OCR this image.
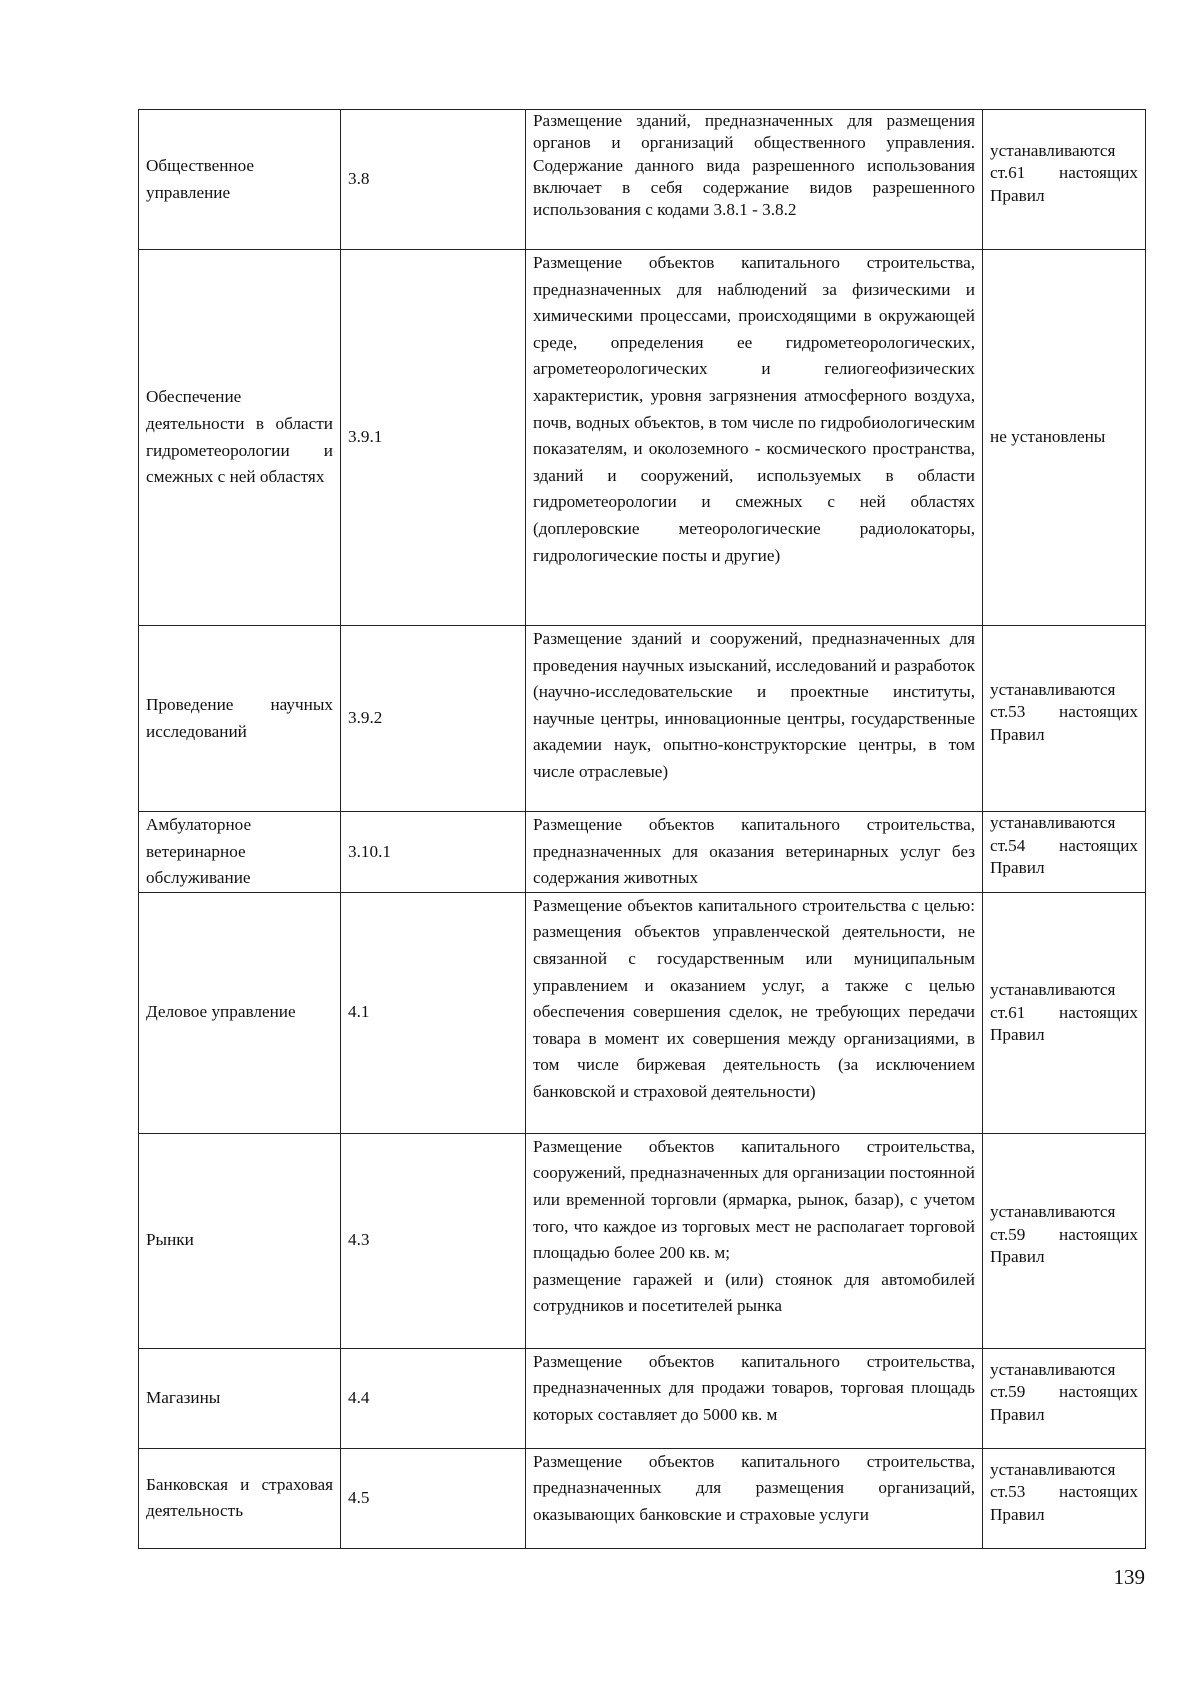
Общественное управление	3.8	Размещение зданий, предназначенных для размещения органов и организаций общественного управления. Содержание данного вида разрешенного использования включает в себя содержание видов разрешенного использования с кодами 3.8.1 - 3.8.2	устанавливаются ст.61 настоящих Правил

Обеспечение деятельности в области гидрометеорологии и смежных с ней областях	3.9.1	Размещение объектов капитального строительства, предназначенных для наблюдений за физическими и химическими процессами, происходящими в окружающей среде, определения ее гидрометеорологических, агрометеорологических и гелиогеофизических характеристик, уровня загрязнения атмосферного воздуха, почв, водных объектов, в том числе по гидробиологическим показателям, и околоземного - космического пространства, зданий и сооружений, используемых в области гидрометеорологии и смежных с ней областях (доплеровские метеорологические радиолокаторы, гидрологические посты и другие)	не установлены

Проведение научных исследований	3.9.2	Размещение зданий и сооружений, предназначенных для проведения научных изысканий, исследований и разработок (научно-исследовательские и проектные институты, научные центры, инновационные центры, государственные академии наук, опытно-конструкторские центры, в том числе отраслевые)	устанавливаются ст.53 настоящих Правил

Амбулаторное ветеринарное обслуживание	3.10.1	Размещение объектов капитального строительства, предназначенных для оказания ветеринарных услуг без содержания животных	устанавливаются ст.54 настоящих Правил

Деловое управление	4.1	Размещение объектов капитального строительства с целью: размещения объектов управленческой деятельности, не связанной с государственным или муниципальным управлением и оказанием услуг, а также с целью обеспечения совершения сделок, не требующих передачи товара в момент их совершения между организациями, в том числе биржевая деятельность (за исключением банковской и страховой деятельности)	устанавливаются ст.61 настоящих Правил

Рынки	4.3	Размещение объектов капитального строительства, сооружений, предназначенных для организации постоянной или временной торговли (ярмарка, рынок, базар), с учетом того, что каждое из торговых мест не располагает торговой площадью более 200 кв. м;
размещение гаражей и (или) стоянок для автомобилей сотрудников и посетителей рынка	устанавливаются ст.59 настоящих Правил

Магазины	4.4	Размещение объектов капитального строительства, предназначенных для продажи товаров, торговая площадь которых составляет до 5000 кв. м	устанавливаются ст.59 настоящих Правил

Банковская и страховая деятельность	4.5	Размещение объектов капитального строительства, предназначенных для размещения организаций, оказывающих банковские и страховые услуги	устанавливаются ст.53 настоящих Правил
139
